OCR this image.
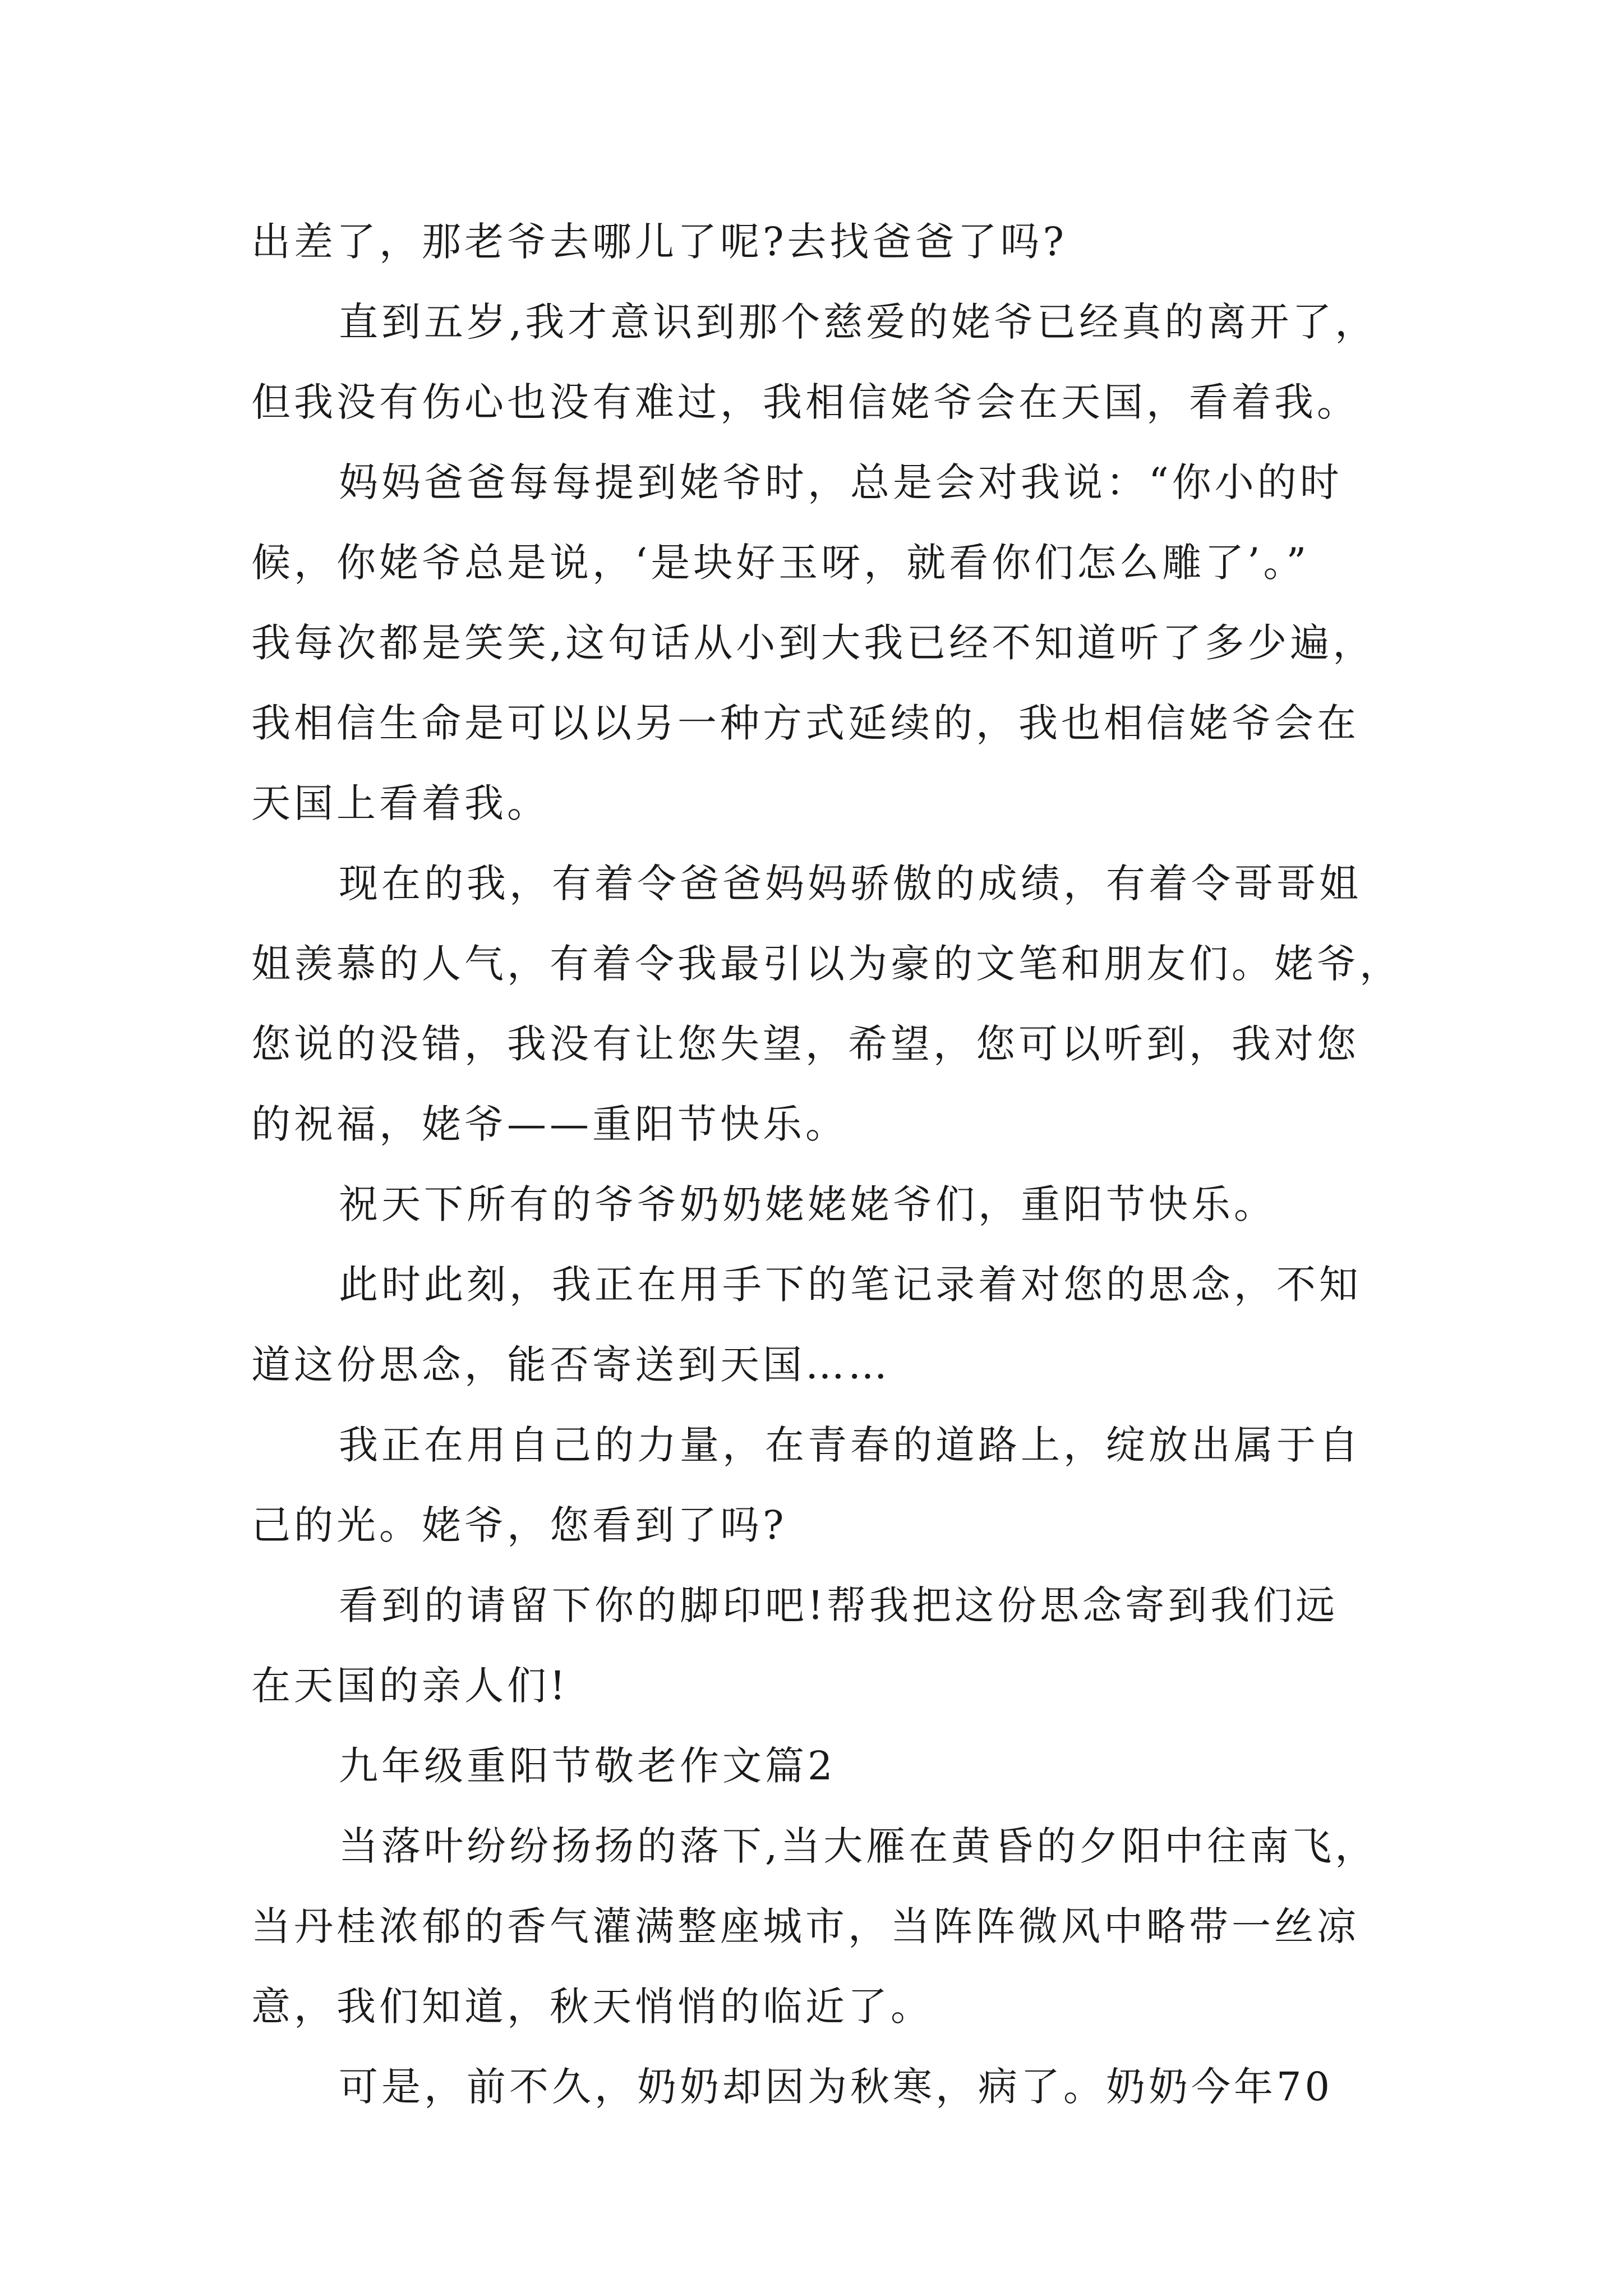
出差了，那老爷去哪儿了呢?去找爸爸了吗?
直到五岁,我才意识到那个慈爱的姥爷已经真的离开了，
但我没有伤心也没有难过，我相信姥爷会在天国，看着我。
妈妈爸爸每每提到姥爷时，总是会对我说：“你小的时
候，你姥爷总是说，‘是块好玉呀，就看你们怎么雕了’。”
我每次都是笑笑,这句话从小到大我已经不知道听了多少遍，
我相信生命是可以以另一种方式延续的，我也相信姥爷会在
天国上看着我。
现在的我，有着令爸爸妈妈骄傲的成绩，有着令哥哥姐
姐羡慕的人气，有着令我最引以为豪的文笔和朋友们。姥爷，
您说的没错，我没有让您失望，希望，您可以听到，我对您
的祝福，姥爷——重阳节快乐。
祝天下所有的爷爷奶奶姥姥姥爷们，重阳节快乐。
此时此刻，我正在用手下的笔记录着对您的思念，不知
道这份思念，能否寄送到天国……
我正在用自己的力量，在青春的道路上，绽放出属于自
己的光。姥爷，您看到了吗?
看到的请留下你的脚印吧!帮我把这份思念寄到我们远
在天国的亲人们!
九年级重阳节敬老作文篇2
当落叶纷纷扬扬的落下,当大雁在黄昏的夕阳中往南飞，
当丹桂浓郁的香气灌满整座城市，当阵阵微风中略带一丝凉
意，我们知道，秋天悄悄的临近了。
可是，前不久，奶奶却因为秋寒，病了。奶奶今年70
